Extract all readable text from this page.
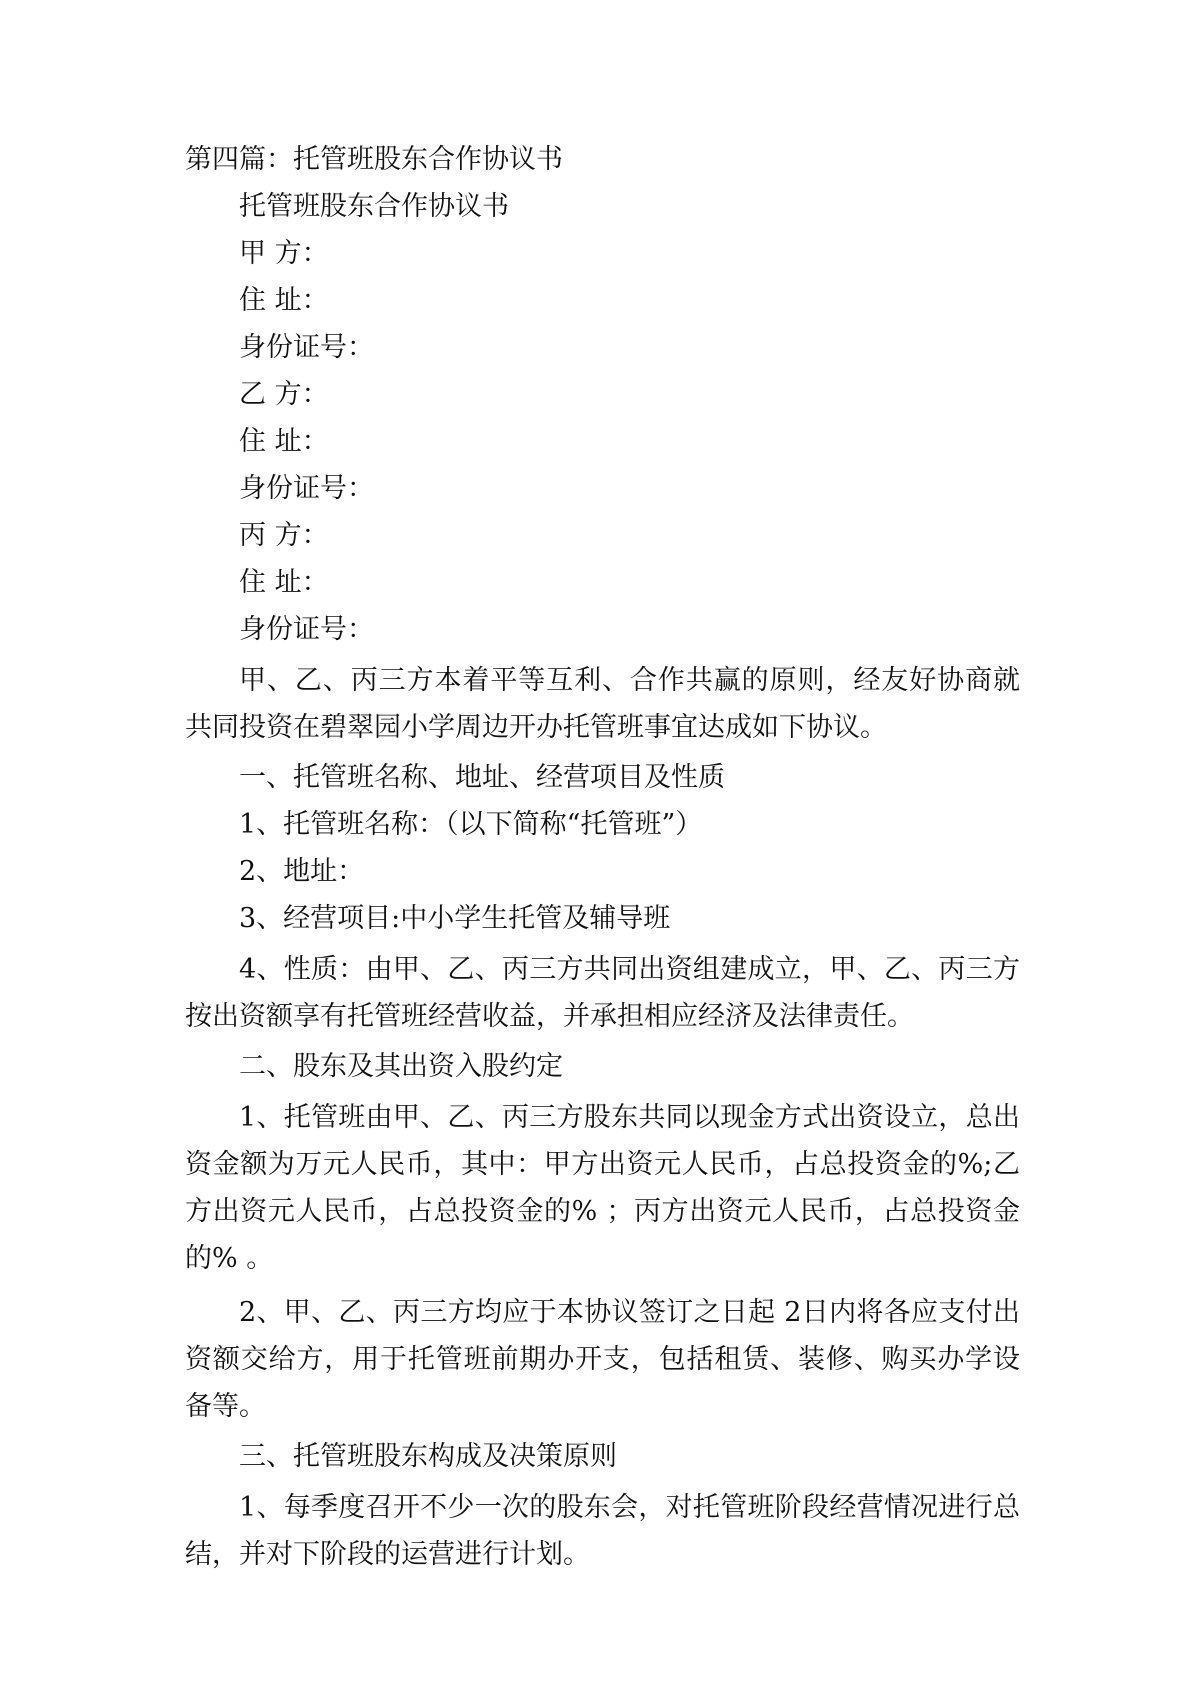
第四篇：托管班股东合作协议书
托管班股东合作协议书
甲 方：
住 址：
身份证号：
乙 方：
住 址：
身份证号：
丙 方：
住 址：
身份证号：

甲、乙、丙三方本着平等互利、合作共赢的原则，经友好协商就共同投资在碧翠园小学周边开办托管班事宜达成如下协议。

一、托管班名称、地址、经营项目及性质
1、托管班名称：（以下简称“托管班”）
2、地址：
3、经营项目:中小学生托管及辅导班

4、性质：由甲、乙、丙三方共同出资组建成立，甲、乙、丙三方按出资额享有托管班经营收益，并承担相应经济及法律责任。

二、股东及其出资入股约定

1、托管班由甲、乙、丙三方股东共同以现金方式出资设立，总出资金额为万元人民币，其中：甲方出资元人民币，占总投资金的%;乙方出资元人民币，占总投资金的% ；丙方出资元人民币，占总投资金的% 。

2、甲、乙、丙三方均应于本协议签订之日起 2日内将各应支付出资额交给方，用于托管班前期办开支，包括租赁、装修、购买办学设备等。

三、托管班股东构成及决策原则

1、每季度召开不少一次的股东会，对托管班阶段经营情况进行总结，并对下阶段的运营进行计划。
